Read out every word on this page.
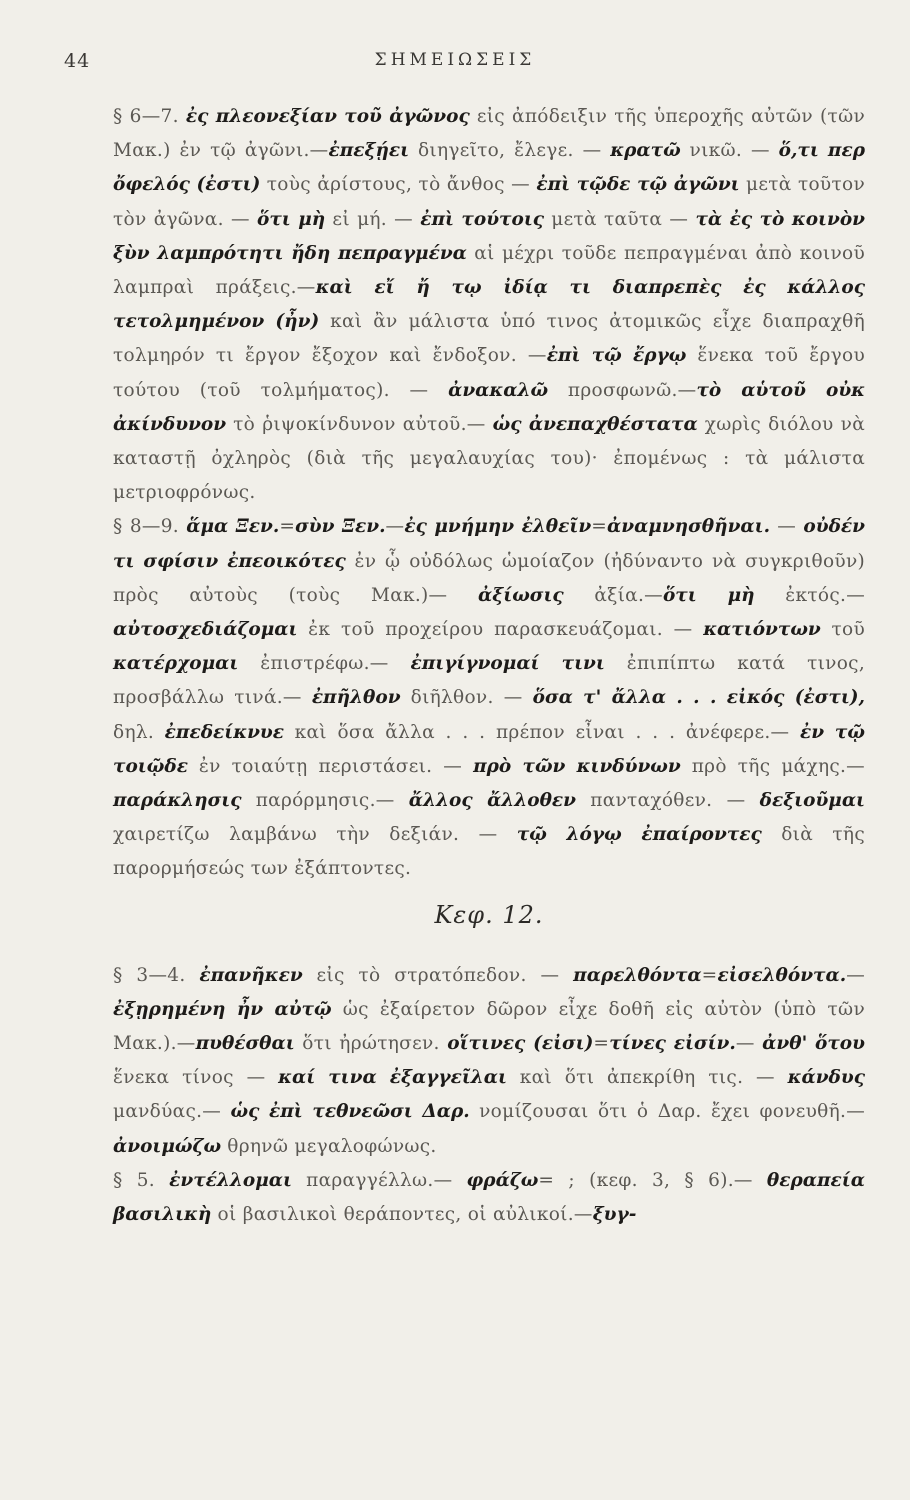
44	ΣΗΜΕΙΩΣΕΙΣ

§ 6—7. ἐς πλεονεξίαν τοῦ ἀγῶνος εἰς ἀπόδειξιν τῆς ὑπεροχῆς αὐτῶν (τῶν Μακ.) ἐν τῷ ἀγῶνι.—ἐπεξῄει διηγεῖτο, ἔλεγε. — κρατῶ νικῶ. — ὅ,τι περ ὄφελός (ἐστι) τοὺς ἀρίστους, τὸ ἄνθος — ἐπὶ τῷδε τῷ ἀγῶνι μετὰ τοῦτον τὸν ἀγῶνα. — ὅτι μὴ εἰ μή. — ἐπὶ τούτοις μετὰ ταῦτα — τὰ ἐς τὸ κοινὸν ξὺν λαμπρότητι ἤδη πεπραγμένα αἱ μέχρι τοῦδε πεπραγμέναι ἀπὸ κοινοῦ λαμπραὶ πράξεις.—καὶ εἴ ἤ τῳ ἰδίᾳ τι διαπρεπὲς ἐς κάλλος τετολμημένον (ἦν) καὶ ἂν μάλιστα ὑπό τινος ἀτομικῶς εἶχε διαπραχθῆ τολμηρόν τι ἔργον ἔξοχον καὶ ἔνδοξον. —ἐπὶ τῷ ἔργῳ ἕνεκα τοῦ ἔργου τούτου (τοῦ τολμήματος). — ἀνακαλῶ προσφωνῶ.—τὸ αὑτοῦ οὐκ ἀκίνδυνον τὸ ῥιψοκίνδυνον αὐτοῦ.— ὡς ἀνεπαχθέστατα χωρὶς διόλου νὰ καταστῇ ὀχληρὸς (διὰ τῆς μεγαλαυχίας του)· ἐπομένως : τὰ μάλιστα μετριοφρόνως.

§ 8—9. ἅμα Ξεν.=σὺν Ξεν.—ἐς μνήμην ἐλθεῖν=ἀναμνησθῆναι. — οὐδέν τι σφίσιν ἐπεοικότες ἐν ᾧ οὐδόλως ὡμοίαζον (ἠδύναντο νὰ συγκριθοῦν) πρὸς αὐτοὺς (τοὺς Μακ.)— ἀξίωσις ἀξία.—ὅτι μὴ ἐκτός.— αὐτοσχεδιάζομαι ἐκ τοῦ προχείρου παρασκευάζομαι. — κατιόντων τοῦ κατέρχομαι ἐπιστρέφω.— ἐπιγίγνομαί τινι ἐπιπίπτω κατά τινος, προσβάλλω τινά.— ἐπῆλθον διῆλθον. — ὅσα τ' ἄλλα . . . εἰκός (ἐστι), δηλ. ἐπεδείκνυε καὶ ὅσα ἄλλα . . . πρέπον εἶναι . . . ἀνέφερε.— ἐν τῷ τοιῷδε ἐν τοιαύτῃ περιστάσει. — πρὸ τῶν κινδύνων πρὸ τῆς μάχης.— παράκλησις παρόρμησις.— ἄλλος ἄλλοθεν πανταχόθεν. — δεξιοῦμαι χαιρετίζω λαμβάνω τὴν δεξιάν. — τῷ λόγῳ ἐπαίροντες διὰ τῆς παρορμήσεώς των ἐξάπτοντες.

Κεφ. 12.

§ 3—4. ἐπανῆκεν εἰς τὸ στρατόπεδον. — παρελθόντα=εἰσελθόντα.— ἐξῃρημένη ἦν αὐτῷ ὡς ἐξαίρετον δῶρον εἶχε δοθῆ εἰς αὐτὸν (ὑπὸ τῶν Μακ.).—πυθέσθαι ὅτι ἠρώτησεν. οἵτινες (εἰσι)=τίνες εἰσίν.— ἀνθ' ὅτου ἕνεκα τίνος — καί τινα ἐξαγγεῖλαι καὶ ὅτι ἀπεκρίθη τις. — κάνδυς μανδύας.— ὡς ἐπὶ τεθνεῶσι Δαρ. νομίζουσαι ὅτι ὁ Δαρ. ἔχει φονευθῆ.— ἀνοιμώζω θρηνῶ μεγαλοφώνως.

§ 5. ἐντέλλομαι παραγγέλλω.— φράζω= ; (κεφ. 3, § 6).— θεραπεία βασιλικὴ οἱ βασιλικοὶ θεράποντες, οἱ αὐλικοί.—ξυγ-
